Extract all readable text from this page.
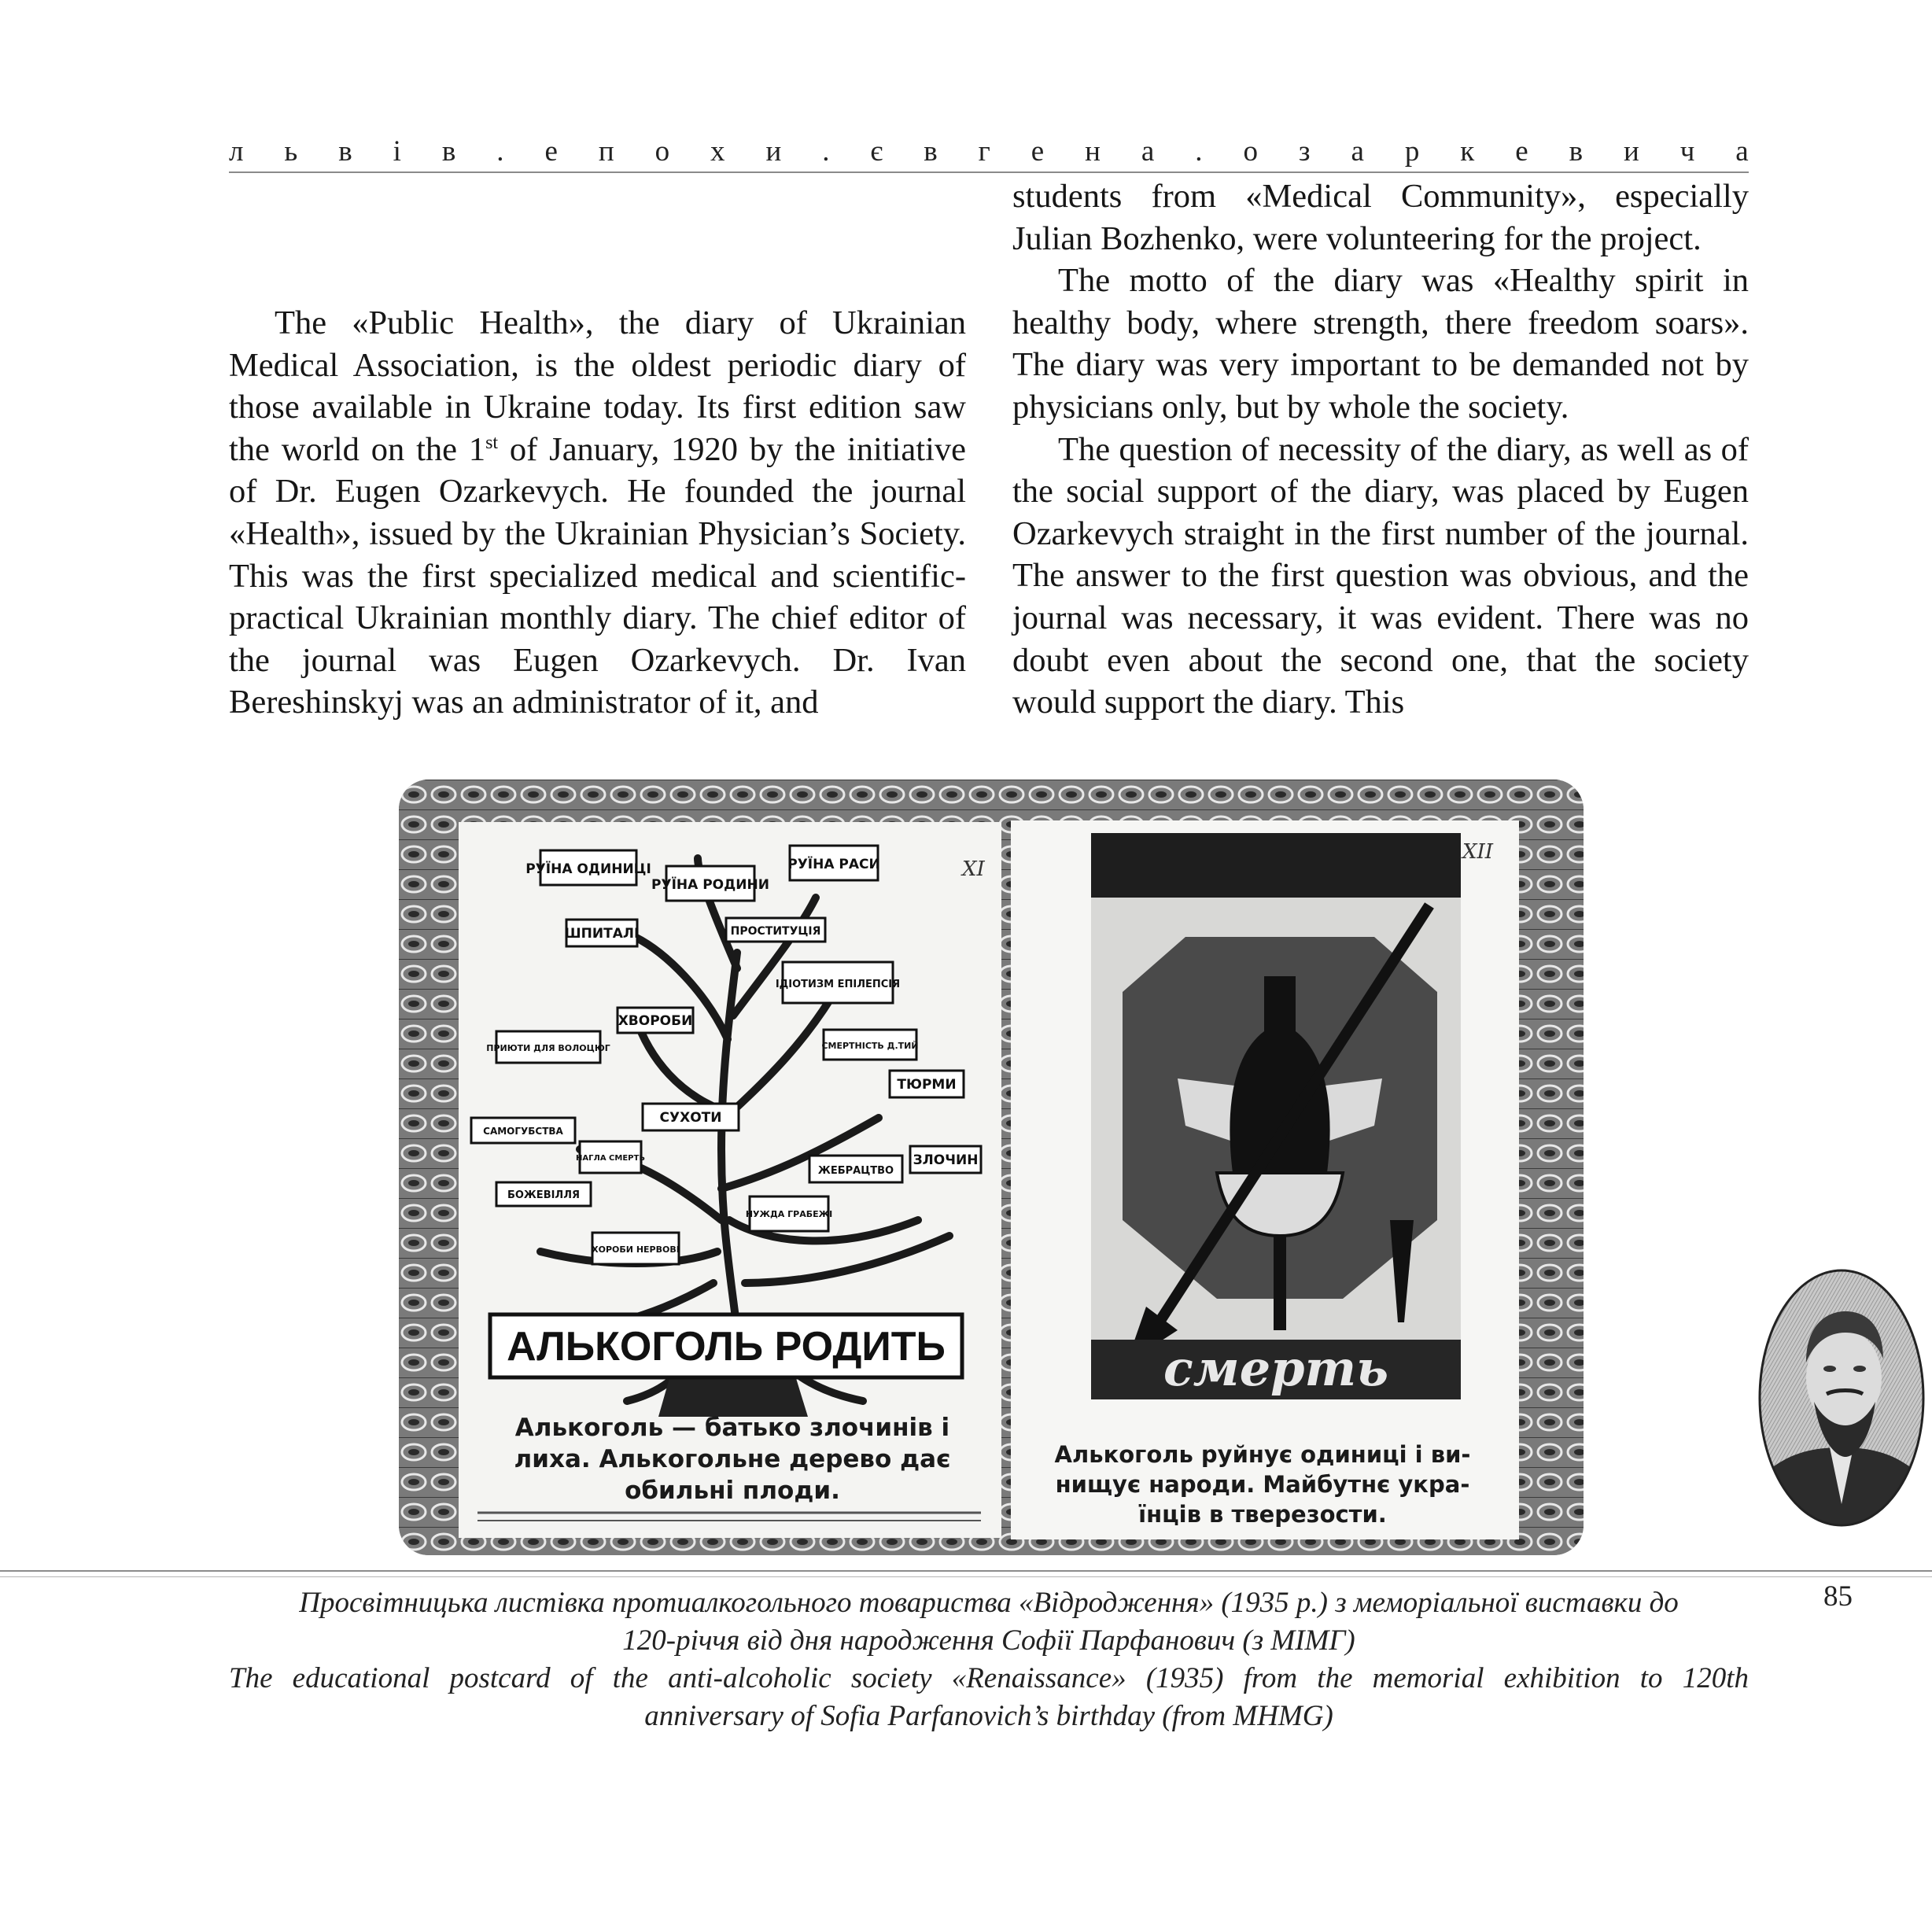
л ь в і в . е п о х и . є в г е н а . о з а р к е в и ч а

The «Public Health», the diary of Ukrainian Medical Association, is the oldest periodic diary of those available in Ukraine today. Its first edition saw the world on the 1st of January, 1920 by the initiative of Dr. Eugen Ozarkevych. He founded the journal «Health», issued by the Ukrainian Physician’s Society. This was the first specialized medical and scientific-practical Ukrainian monthly diary. The chief editor of the journal was Eugen Ozarkevych. Dr. Ivan Bereshinskyj was an administrator of it, and

students from «Medical Community», especially Julian Bozhenko, were volunteering for the project.

The motto of the diary was «Healthy spirit in healthy body, where strength, there freedom soars». The diary was very important to be demanded not by physicians only, but by whole the society.

The question of necessity of the diary, as well as of the social support of the diary, was placed by Eugen Ozarkevych straight in the first number of the journal. The answer to the first question was obvious, and the journal was necessary, it was evident. There was no doubt even about the second one, that the society would support the diary. This

РУЇНА ОДИНИЦІ
РУЇНА РОДИНИ
РУЇНА РАСИ
ШПИТАЛІ	ПРОСТИТУЦІЯ
ІДІОТИЗМ ЕПІЛЕПСІЯ
ХВОРОБИ
ПРИЮТИ ДЛЯ ВОЛОЦЮГ	СМЕРТНІСТЬ Д.ТИЙ
ТЮРМИ
СУХОТИ
САМОГУБСТВА
НАГЛА СМЕРТЬ
ЖЕБРАЦТВО
ЗЛОЧИН
БОЖЕВІЛЛЯ
НУЖДА ГРАБЕЖІ
ХОРОБИ НЕРВОВІ
XI
АЛЬКОГОЛЬ РОДИТЬ
Алькоголь — батько злочинів і
лиха. Алькогольне дерево дає
обильні плоди.
смерть
XII
Алькоголь руйнує одиниці і ви-
нищує народи. Майбутнє укра-
їнців в тверезости.
Просвітницька листівка протиалкогольного товариства «Відродження» (1935 р.) з меморіальної виставки до
120-річчя від дня народження Софії Парфанович (з МІМГ)
The educational postcard of the anti-alcoholic society «Renaissance» (1935) from the memorial exhibition to 120th
anniversary of Sofia Parfanovich’s birthday (from MHMG)
85
